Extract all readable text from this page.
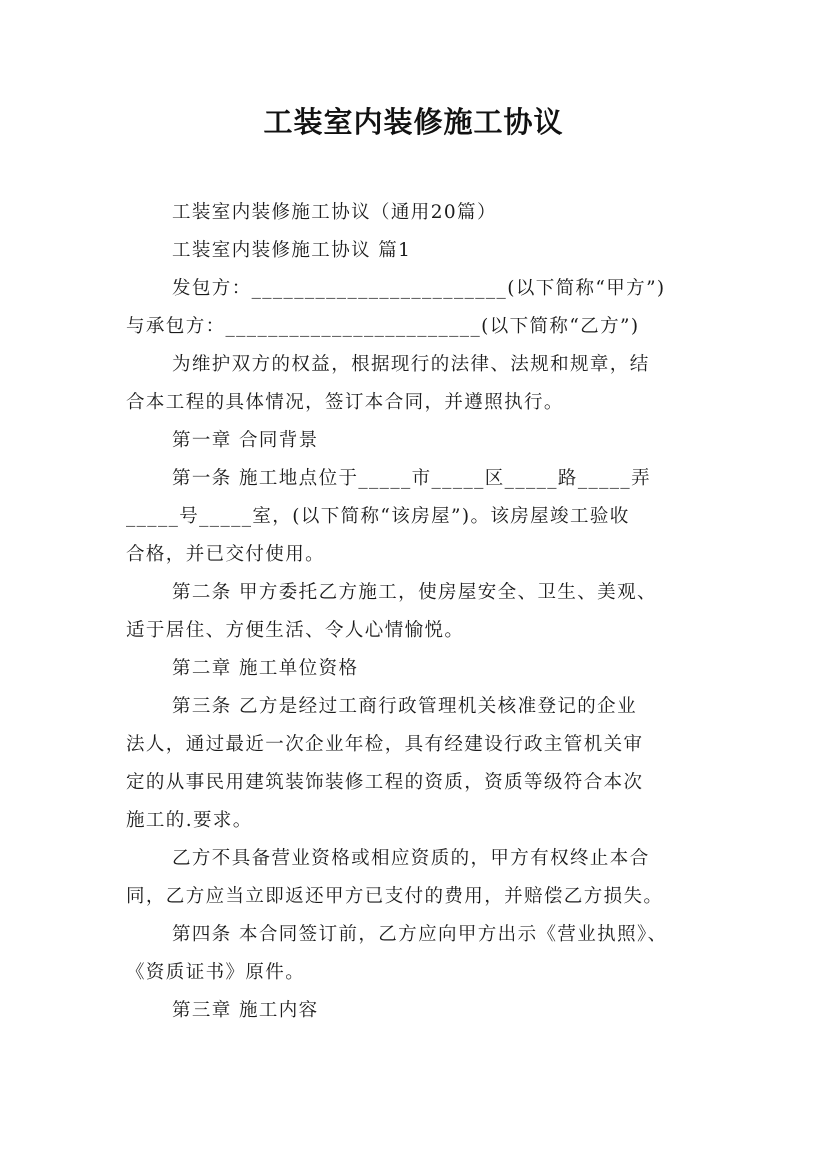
工装室内装修施工协议
工装室内装修施工协议（通用20篇）
工装室内装修施工协议 篇1
发包方：________________________(以下简称“甲方”)
与承包方：________________________(以下简称“乙方”)
为维护双方的权益，根据现行的法律、法规和规章，结
合本工程的具体情况，签订本合同，并遵照执行。
第一章 合同背景
第一条 施工地点位于_____市_____区_____路_____弄
_____号_____室，(以下简称“该房屋”)。该房屋竣工验收
合格，并已交付使用。
第二条 甲方委托乙方施工，使房屋安全、卫生、美观、
适于居住、方便生活、令人心情愉悦。
第二章 施工单位资格
第三条 乙方是经过工商行政管理机关核准登记的企业
法人，通过最近一次企业年检，具有经建设行政主管机关审
定的从事民用建筑装饰装修工程的资质，资质等级符合本次
施工的.要求。
乙方不具备营业资格或相应资质的，甲方有权终止本合
同，乙方应当立即返还甲方已支付的费用，并赔偿乙方损失。
第四条 本合同签订前，乙方应向甲方出示《营业执照》、
《资质证书》原件。
第三章 施工内容
